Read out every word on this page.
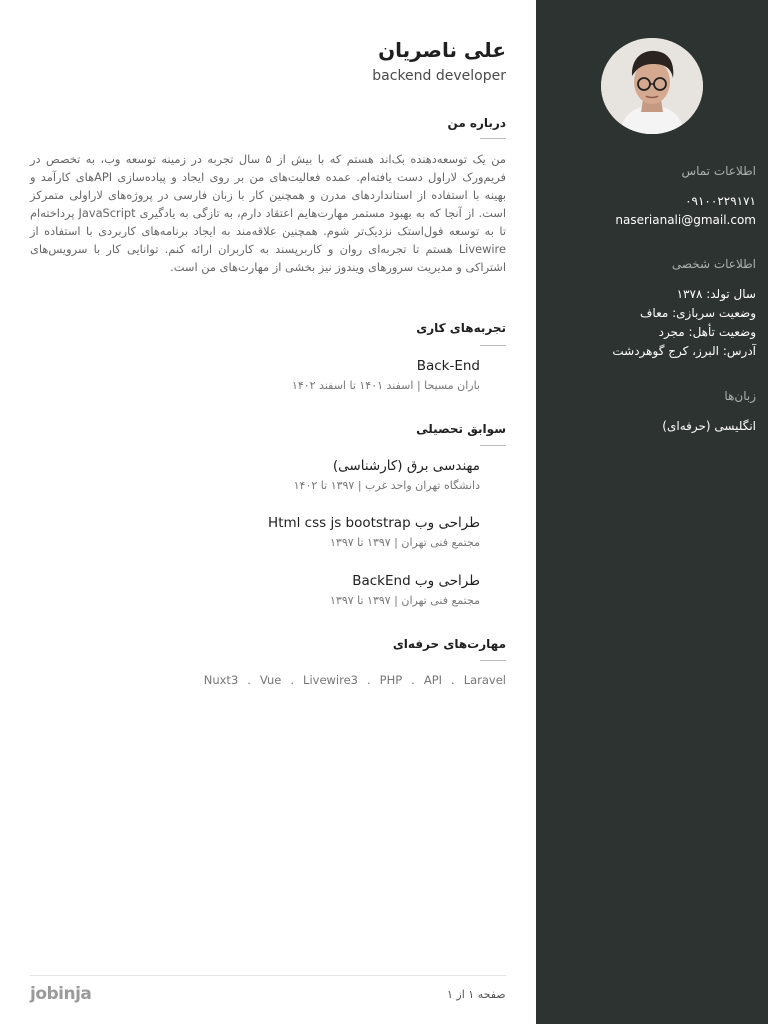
علی ناصریان
backend developer
درباره من
من یک توسعه‌دهنده بک‌اند هستم که با بیش از ۵ سال تجربه در زمینه توسعه وب، به تخصص در فریم‌ورک لاراول دست یافته‌ام. عمده فعالیت‌های من بر روی ایجاد و پیاده‌سازی APIهای کارآمد و بهینه با استفاده از استانداردهای مدرن و همچنین کار با زبان فارسی در پروژه‌های لاراولی متمرکز است. از آنجا که به بهبود مستمر مهارت‌هایم اعتقاد دارم، به تازگی به یادگیری JavaScript پرداخته‌ام تا به توسعه فول‌استک نزدیک‌تر شوم. همچنین علاقه‌مند به ایجاد برنامه‌های کاربردی با استفاده از Livewire هستم تا تجربه‌ای روان و کاربرپسند به کاربران ارائه کنم. توانایی کار با سرویس‌های اشتراکی و مدیریت سرورهای ویندوز نیز بخشی از مهارت‌های من است.
تجربه‌های کاری
Back-End
باران مسیحا | اسفند ۱۴۰۱ تا اسفند ۱۴۰۲
سوابق تحصیلی
مهندسی برق (کارشناسی)
دانشگاه تهران واحد غرب | ۱۳۹۷ تا ۱۴۰۲
طراحی وب Html css js bootstrap
مجتمع فنی تهران | ۱۳۹۷ تا ۱۳۹۷
طراحی وب BackEnd
مجتمع فنی تهران | ۱۳۹۷ تا ۱۳۹۷
مهارت‌های حرفه‌ای
Laravel
.
API
.
PHP
.
Livewire3
.
Vue
.
Nuxt3
jobinja	صفحه ۱ از ۱
اطلاعات تماس
۰۹۱۰۰۲۲۹۱۷۱
naserianali@gmail.com
اطلاعات شخصی
سال تولد: ۱۳۷۸
وضعیت سربازی: معاف
وضعیت تأهل: مجرد
آدرس: البرز، کرج گوهردشت
زبان‌ها
انگلیسی (حرفه‌ای)
